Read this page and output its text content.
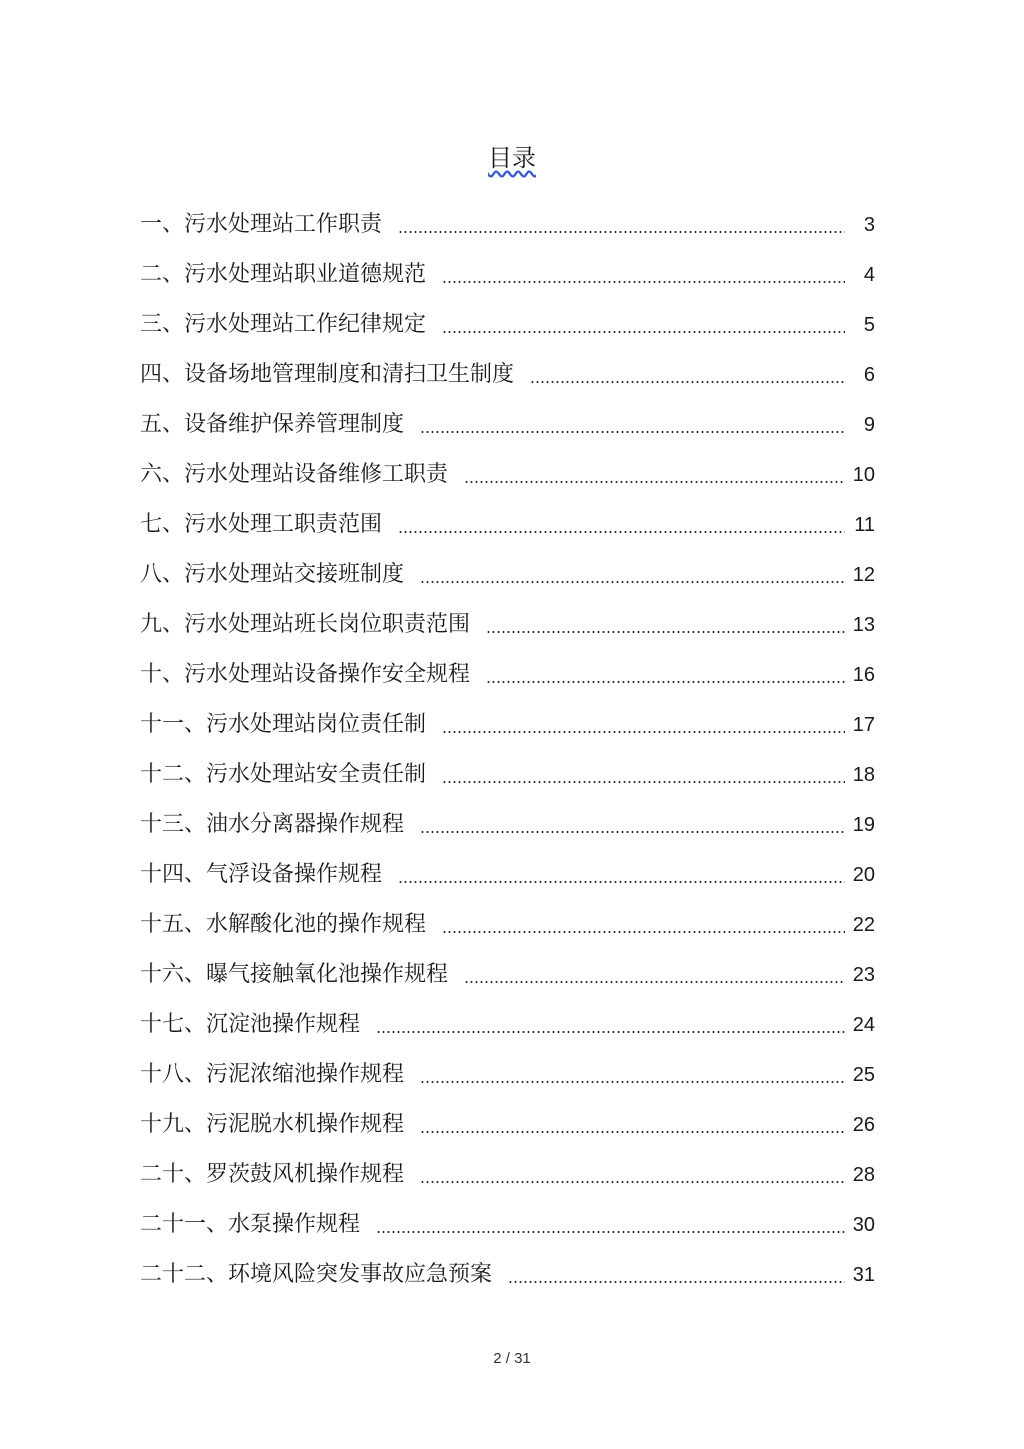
目录
一、污水处理站工作职责	3
二、污水处理站职业道德规范	4
三、污水处理站工作纪律规定	5
四、设备场地管理制度和清扫卫生制度	6
五、设备维护保养管理制度	9
六、污水处理站设备维修工职责	10
七、污水处理工职责范围	11
八、污水处理站交接班制度	12
九、污水处理站班长岗位职责范围	13
十、污水处理站设备操作安全规程	16
十一、污水处理站岗位责任制	17
十二、污水处理站安全责任制	18
十三、油水分离器操作规程	19
十四、气浮设备操作规程	20
十五、水解酸化池的操作规程	22
十六、曝气接触氧化池操作规程	23
十七、沉淀池操作规程	24
十八、污泥浓缩池操作规程	25
十九、污泥脱水机操作规程	26
二十、罗茨鼓风机操作规程	28
二十一、水泵操作规程	30
二十二、环境风险突发事故应急预案	31
2 / 31
